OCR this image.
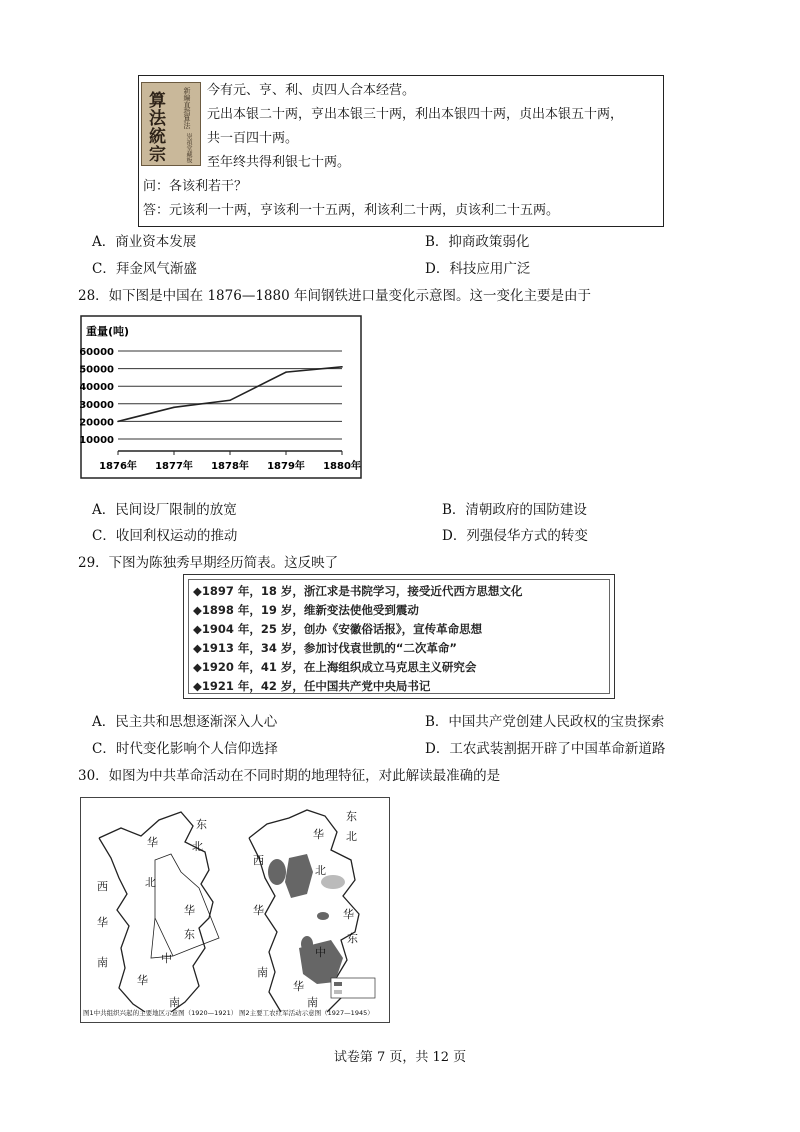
新編直指算法
算法統宗	崇禎堂藏板
今有元、亨、利、贞四人合本经营。
元出本银二十两，亨出本银三十两，利出本银四十两，贞出本银五十两，
共一百四十两。
至年终共得利银七十两。
问：各该利若干？
答：元该利一十两，亨该利一十五两，利该利二十两，贞该利二十五两。
A．商业资本发展	B．抑商政策弱化
C．拜金风气渐盛	D．科技应用广泛
28．如下图是中国在 1876—1880 年间钢铁进口量变化示意图。这一变化主要是由于
重量(吨)
10000
20000
30000
40000
50000
60000
1876年 1877年 1878年 1879年 1880年
A．民间设厂限制的放宽	B．清朝政府的国防建设
C．收回利权运动的推动	D．列强侵华方式的转变
29．下图为陈独秀早期经历简表。这反映了
◆1897 年，18 岁，浙江求是书院学习，接受近代西方思想文化
◆1898 年，19 岁，维新变法使他受到震动
◆1904 年，25 岁，创办《安徽俗话报》，宣传革命思想
◆1913 年，34 岁，参加讨伐袁世凯的“二次革命”
◆1920 年，41 岁，在上海组织成立马克思主义研究会
◆1921 年，42 岁，任中国共产党中央局书记
A．民主共和思想逐渐深入人心	B．中国共产党创建人民政权的宝贵探索
C．时代变化影响个人信仰选择	D．工农武装割据开辟了中国革命新道路
30．如图为中共革命活动在不同时期的地理特征，对此解读最准确的是
东
北
华
西	北
华
东
华
中
南
华
南
东
北
华
西
北
华
东
华
中
南
华
南
图1中共组织兴起的主要地区示意图（1920—1921） 图2主要工农红军活动示意图（1927—1945）
试卷第 7 页，共 12 页
